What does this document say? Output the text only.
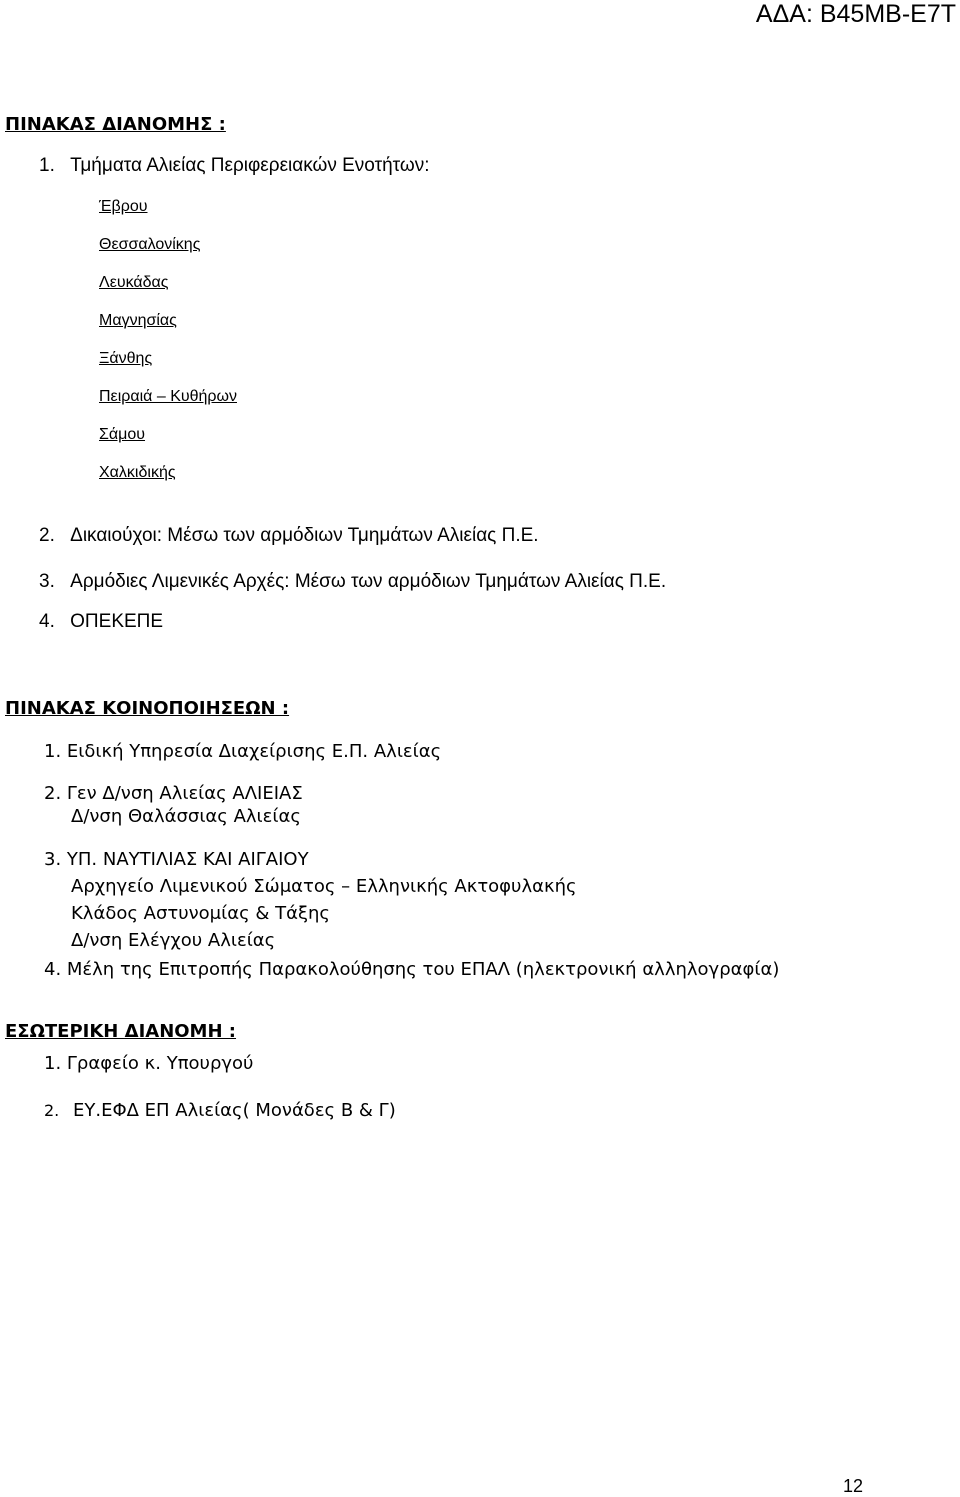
ΑΔΑ: Β45ΜΒ-Ε7Τ
ΠΙΝΑΚΑΣ ΔΙΑΝΟΜΗΣ :
1. Τμήματα Αλιείας Περιφερειακών Ενοτήτων:
Έβρου
Θεσσαλονίκης
Λευκάδας
Μαγνησίας
Ξάνθης
Πειραιά – Κυθήρων
Σάμου
Χαλκιδικής
2. Δικαιούχοι: Μέσω των αρμόδιων Τμημάτων Αλιείας Π.Ε.
3. Αρμόδιες Λιμενικές Αρχές: Μέσω των αρμόδιων Τμημάτων Αλιείας Π.Ε.
4. ΟΠΕΚΕΠΕ
ΠΙΝΑΚΑΣ ΚΟΙΝΟΠΟΙΗΣΕΩΝ :
1. Ειδική Υπηρεσία Διαχείρισης Ε.Π. Αλιείας
2. Γεν Δ/νση Αλιείας ΑΛΙΕΙΑΣ
Δ/νση Θαλάσσιας Αλιείας
3. ΥΠ. ΝΑΥΤΙΛΙΑΣ ΚΑΙ ΑΙΓΑΙΟΥ
Αρχηγείο Λιμενικού Σώματος – Ελληνικής Ακτοφυλακής
Κλάδος Αστυνομίας & Τάξης
Δ/νση Ελέγχου Αλιείας
4. Μέλη της Επιτροπής Παρακολούθησης του ΕΠΑΛ (ηλεκτρονική αλληλογραφία)
ΕΣΩΤΕΡΙΚΗ ΔΙΑΝΟΜΗ :
1. Γραφείο κ. Υπουργού
2. ΕΥ.ΕΦΔ ΕΠ Αλιείας( Μονάδες Β & Γ)
12
